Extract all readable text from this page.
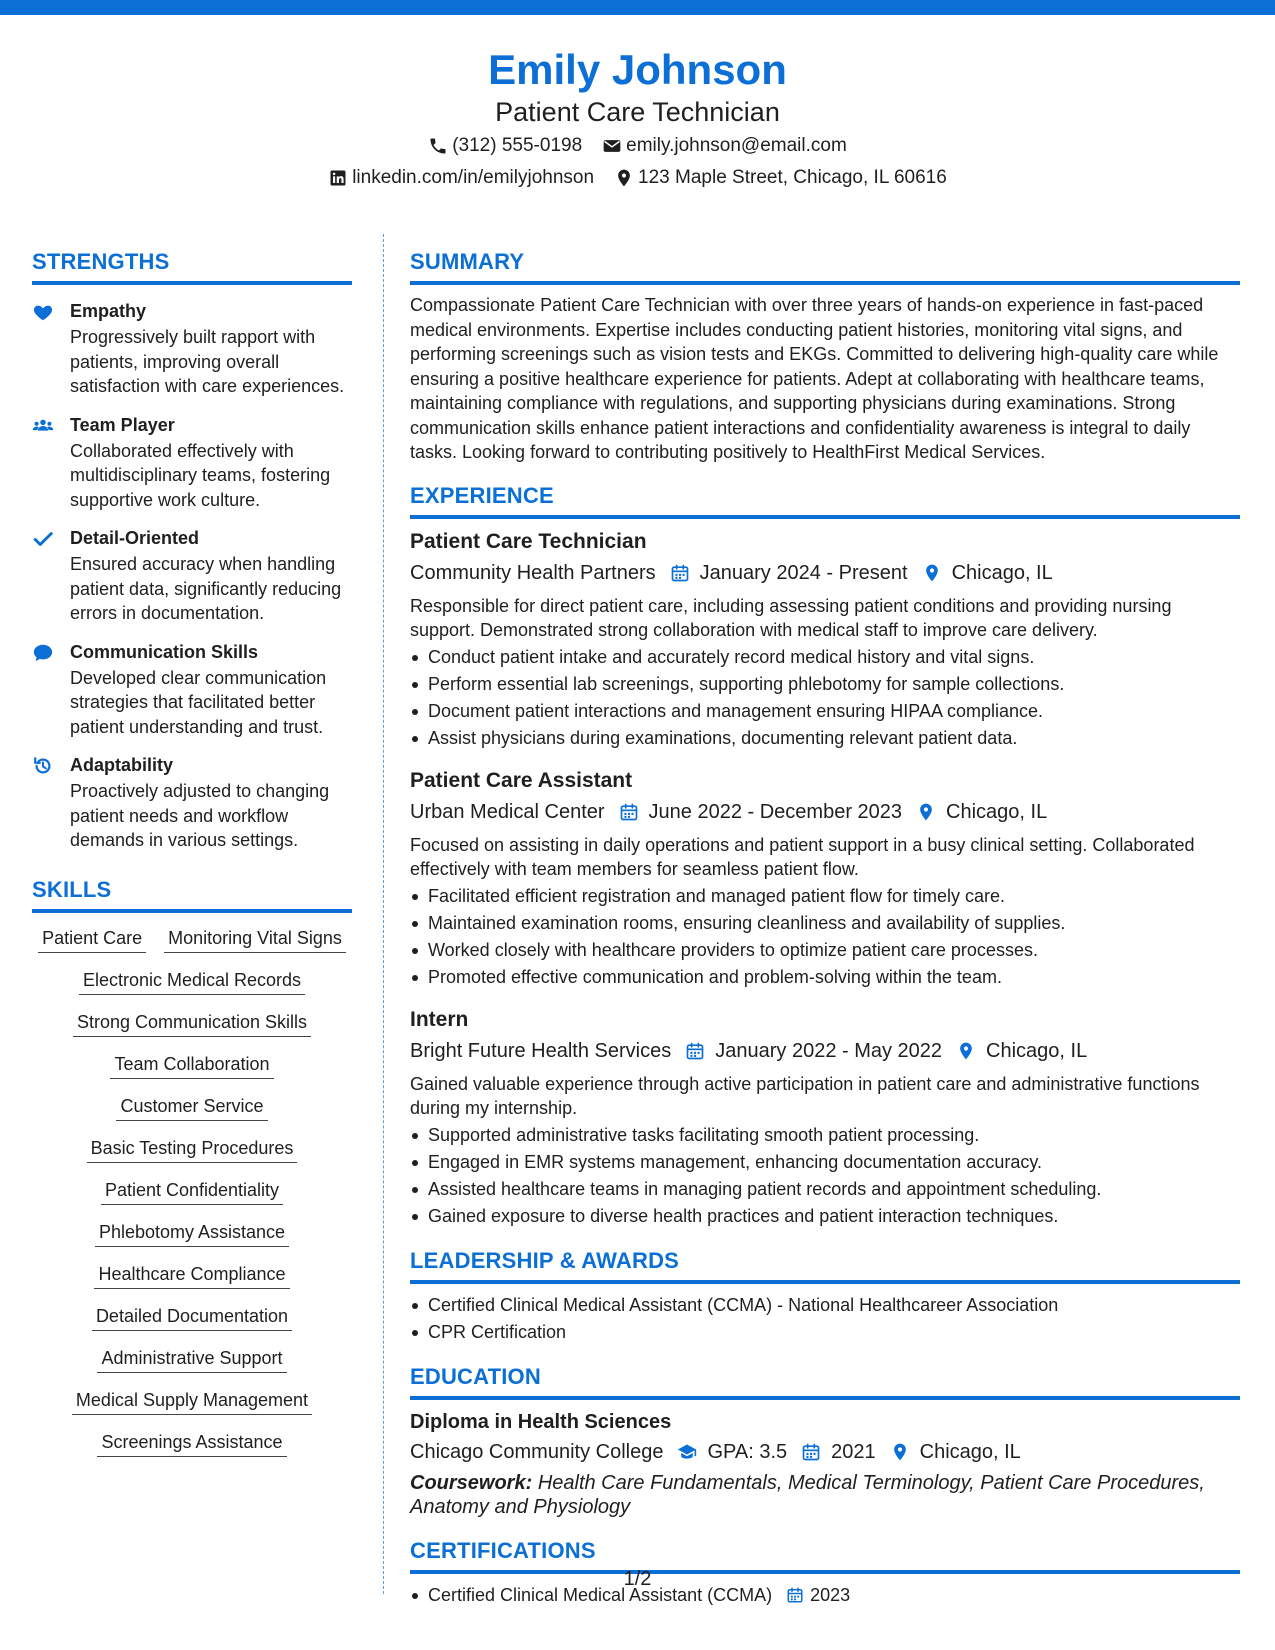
Emily Johnson
Patient Care Technician
(312) 555-0198 emily.johnson@email.com
linkedin.com/in/emilyjohnson 123 Maple Street, Chicago, IL 60616
STRENGTHS
Empathy
Progressively built rapport with patients, improving overall satisfaction with care experiences.
Team Player
Collaborated effectively with multidisciplinary teams, fostering supportive work culture.
Detail-Oriented
Ensured accuracy when handling patient data, significantly reducing errors in documentation.
Communication Skills
Developed clear communication strategies that facilitated better patient understanding and trust.
Adaptability
Proactively adjusted to changing patient needs and workflow demands in various settings.
SKILLS
Patient Care Monitoring Vital Signs
Electronic Medical Records
Strong Communication Skills
Team Collaboration
Customer Service
Basic Testing Procedures
Patient Confidentiality
Phlebotomy Assistance
Healthcare Compliance
Detailed Documentation
Administrative Support
Medical Supply Management
Screenings Assistance
SUMMARY
Compassionate Patient Care Technician with over three years of hands-on experience in fast-paced medical environments. Expertise includes conducting patient histories, monitoring vital signs, and performing screenings such as vision tests and EKGs. Committed to delivering high-quality care while ensuring a positive healthcare experience for patients. Adept at collaborating with healthcare teams, maintaining compliance with regulations, and supporting physicians during examinations. Strong communication skills enhance patient interactions and confidentiality awareness is integral to daily tasks. Looking forward to contributing positively to HealthFirst Medical Services.
EXPERIENCE
Patient Care Technician
Community Health Partners January 2024 - Present Chicago, IL
Responsible for direct patient care, including assessing patient conditions and providing nursing support. Demonstrated strong collaboration with medical staff to improve care delivery.
Conduct patient intake and accurately record medical history and vital signs.
Perform essential lab screenings, supporting phlebotomy for sample collections.
Document patient interactions and management ensuring HIPAA compliance.
Assist physicians during examinations, documenting relevant patient data.
Patient Care Assistant
Urban Medical Center June 2022 - December 2023 Chicago, IL
Focused on assisting in daily operations and patient support in a busy clinical setting. Collaborated effectively with team members for seamless patient flow.
Facilitated efficient registration and managed patient flow for timely care.
Maintained examination rooms, ensuring cleanliness and availability of supplies.
Worked closely with healthcare providers to optimize patient care processes.
Promoted effective communication and problem-solving within the team.
Intern
Bright Future Health Services January 2022 - May 2022 Chicago, IL
Gained valuable experience through active participation in patient care and administrative functions during my internship.
Supported administrative tasks facilitating smooth patient processing.
Engaged in EMR systems management, enhancing documentation accuracy.
Assisted healthcare teams in managing patient records and appointment scheduling.
Gained exposure to diverse health practices and patient interaction techniques.
LEADERSHIP & AWARDS
Certified Clinical Medical Assistant (CCMA) - National Healthcareer Association
CPR Certification
EDUCATION
Diploma in Health Sciences
Chicago Community College GPA: 3.5 2021 Chicago, IL
Coursework: Health Care Fundamentals, Medical Terminology, Patient Care Procedures, Anatomy and Physiology
CERTIFICATIONS
Certified Clinical Medical Assistant (CCMA) 2023
1/2
